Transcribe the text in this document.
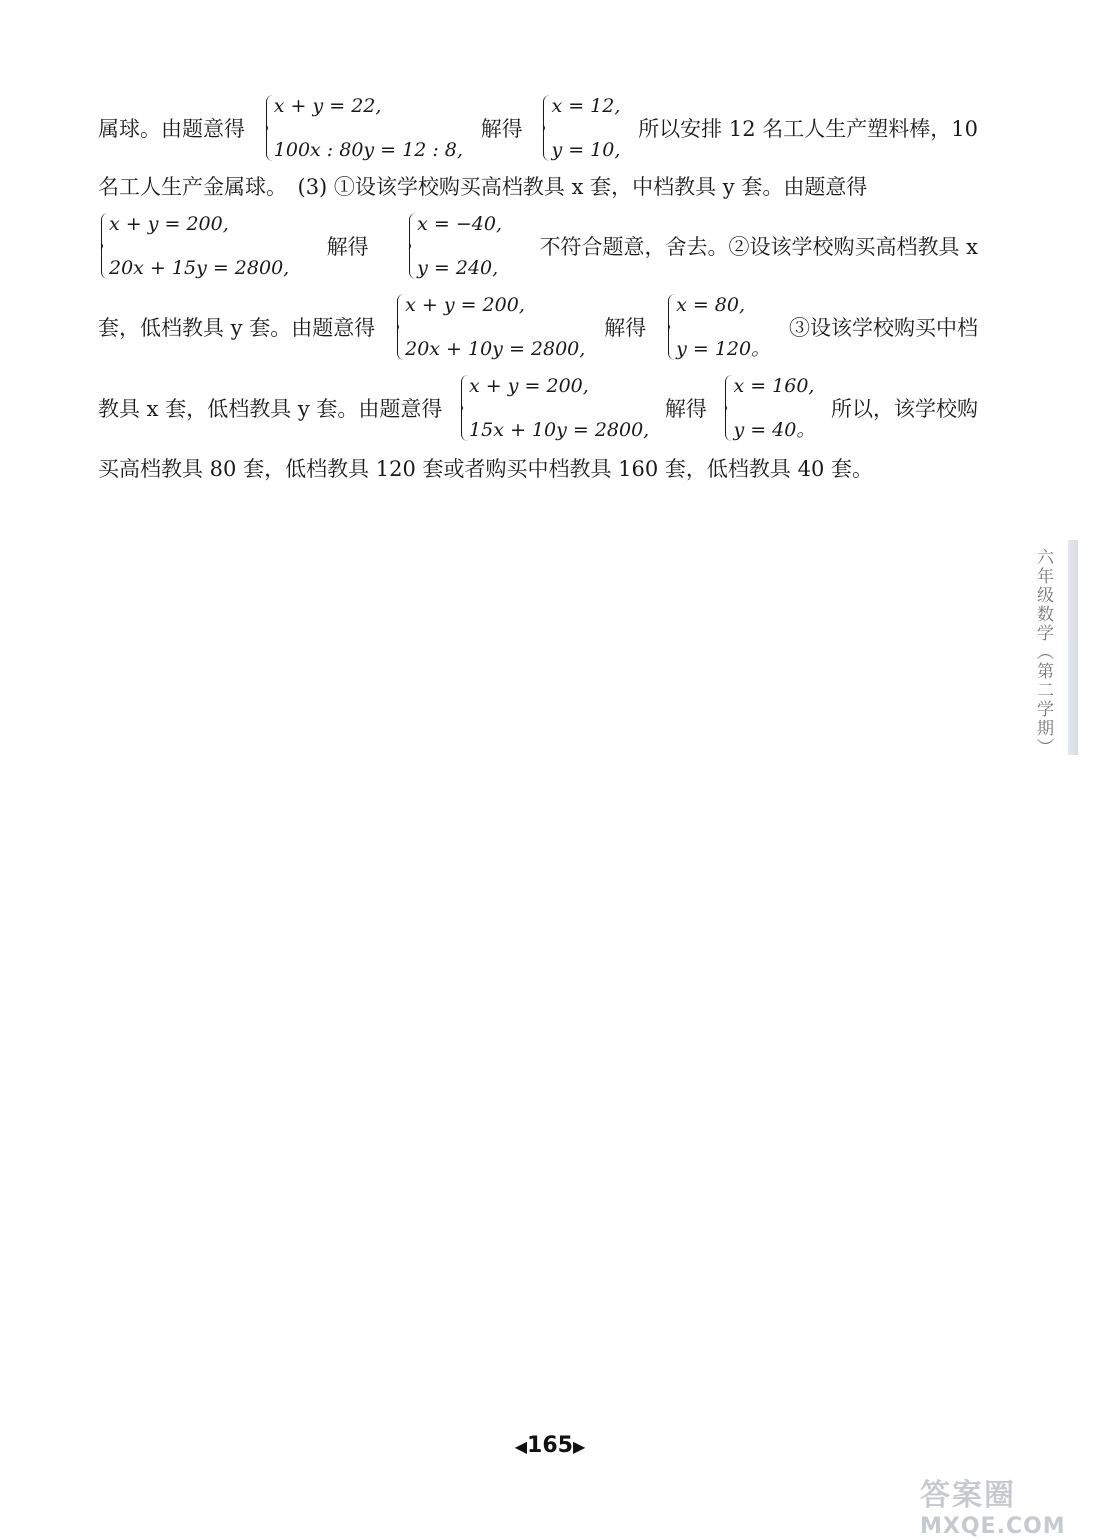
属球。由题意得
x + y = 22,
100x : 80y = 12 : 8,
解得
x = 12,
y = 10,
所以安排 12 名工人生产塑料棒，10
名工人生产金属球。　(3) ①设该学校购买高档教具 x 套，中档教具 y 套。由题意得
x + y = 200,
20x + 15y = 2800,
解得
x = −40,
y = 240,
不符合题意，舍去。②设该学校购买高档教具 x
套，低档教具 y 套。由题意得
x + y = 200,
20x + 10y = 2800,
解得
x = 80,
y = 120。
③设该学校购买中档
教具 x 套，低档教具 y 套。由题意得
x + y = 200,
15x + 10y = 2800,
解得
x = 160,
y = 40。
所以，该学校购
买高档教具 80 套，低档教具 120 套或者购买中档教具 160 套，低档教具 40 套。
六年级数学（第二学期）
◀165▶
答案圈
MXQE.COM
